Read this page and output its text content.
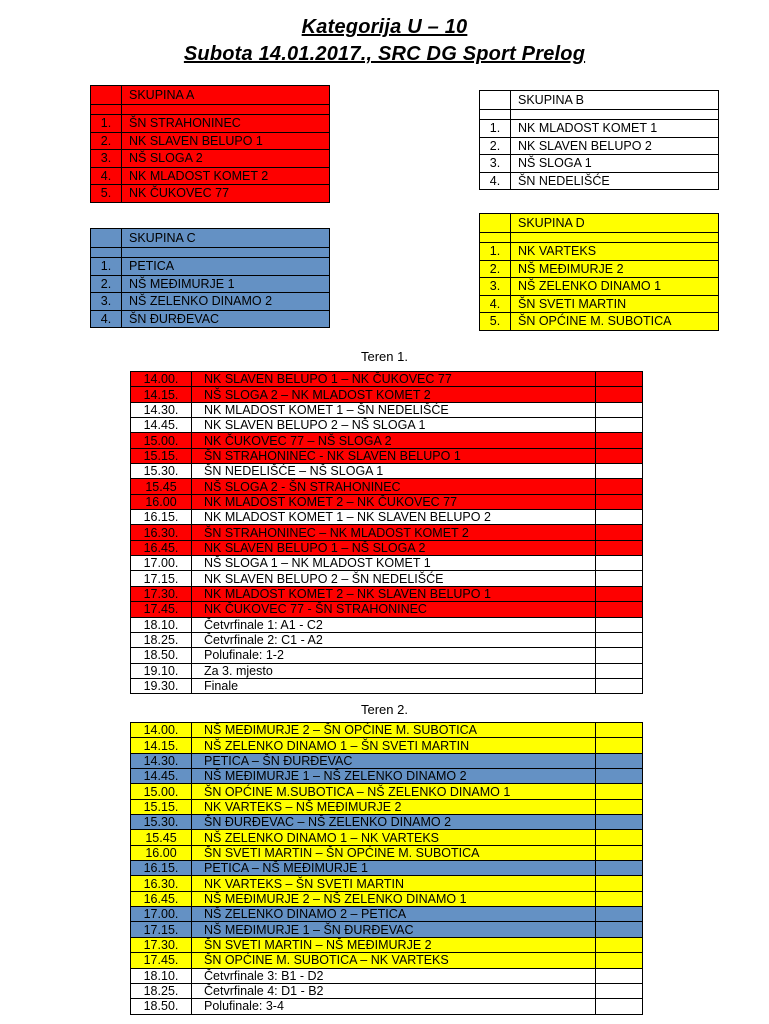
Kategorija U – 10
Subota 14.01.2017., SRC DG Sport Prelog
	SKUPINA A

1.	ŠN STRAHONINEC
2.	NK SLAVEN BELUPO 1
3.	NŠ SLOGA 2
4.	NK MLADOST KOMET 2
5.	NK ČUKOVEC 77
	SKUPINA B

1.	NK MLADOST KOMET 1
2.	NK SLAVEN BELUPO 2
3.	NŠ SLOGA 1
4.	ŠN NEDELIŠĆE
	SKUPINA C

1.	PETICA
2.	NŠ MEĐIMURJE 1
3.	NŠ ZELENKO DINAMO 2
4.	ŠN ĐURĐEVAC
	SKUPINA D

1.	NK VARTEKS
2.	NŠ MEĐIMURJE 2
3.	NŠ ZELENKO DINAMO 1
4.	ŠN SVETI MARTIN
5.	ŠN OPĆINE M. SUBOTICA
Teren 1.
14.00.	NK SLAVEN BELUPO 1 – NK ČUKOVEC 77	
14.15.	NŠ SLOGA 2 – NK MLADOST KOMET 2	
14.30.	NK MLADOST KOMET 1 – ŠN NEDELIŠĆE	
14.45.	NK SLAVEN BELUPO 2 – NŠ SLOGA 1	
15.00.	NK ČUKOVEC 77 – NŠ SLOGA 2	
15.15.	ŠN STRAHONINEC - NK SLAVEN BELUPO 1	
15.30.	ŠN NEDELIŠĆE – NŠ SLOGA 1	
15.45	NŠ SLOGA 2 - ŠN STRAHONINEC	
16.00	NK MLADOST KOMET 2 – NK ČUKOVEC 77	
16.15.	NK MLADOST KOMET 1 – NK SLAVEN BELUPO 2	
16.30.	ŠN STRAHONINEC – NK MLADOST KOMET 2	
16.45.	NK SLAVEN BELUPO 1 – NŠ SLOGA 2	
17.00.	NŠ SLOGA 1 – NK MLADOST KOMET 1	
17.15.	NK SLAVEN BELUPO 2 – ŠN NEDELIŠĆE	
17.30.	NK MLADOST KOMET 2 – NK SLAVEN BELUPO 1	
17.45.	NK ČUKOVEC 77 - ŠN STRAHONINEC	
18.10.	Četvrfinale 1: A1 - C2	
18.25.	Četvrfinale 2: C1 - A2	
18.50.	Polufinale: 1-2	
19.10.	Za 3. mjesto	
19.30.	Finale	
Teren 2.
14.00.	NŠ MEĐIMURJE 2 – ŠN OPĆINE M. SUBOTICA	
14.15.	NŠ ZELENKO DINAMO 1 – ŠN SVETI MARTIN	
14.30.	PETICA – ŠN ĐURĐEVAC	
14.45.	NŠ MEĐIMURJE 1 – NŠ ZELENKO DINAMO 2	
15.00.	ŠN OPĆINE M.SUBOTICA – NŠ ZELENKO DINAMO 1	
15.15.	NK VARTEKS – NŠ MEĐIMURJE 2	
15.30.	ŠN ĐURĐEVAC – NŠ ZELENKO DINAMO 2	
15.45	NŠ ZELENKO DINAMO 1 – NK VARTEKS	
16.00	ŠN SVETI MARTIN – ŠN OPĆINE M. SUBOTICA	
16.15.	PETICA – NŠ MEĐIMURJE 1	
16.30.	NK VARTEKS – ŠN SVETI MARTIN	
16.45.	NŠ MEĐIMURJE 2 – NŠ ZELENKO DINAMO 1	
17.00.	NŠ ZELENKO DINAMO 2 – PETICA	
17.15.	NŠ MEĐIMURJE 1 – ŠN ĐURĐEVAC	
17.30.	ŠN SVETI MARTIN – NŠ MEĐIMURJE 2	
17.45.	ŠN OPĆINE M. SUBOTICA – NK VARTEKS	
18.10.	Četvrfinale 3: B1 - D2	
18.25.	Četvrfinale 4: D1 - B2	
18.50.	Polufinale: 3-4	
